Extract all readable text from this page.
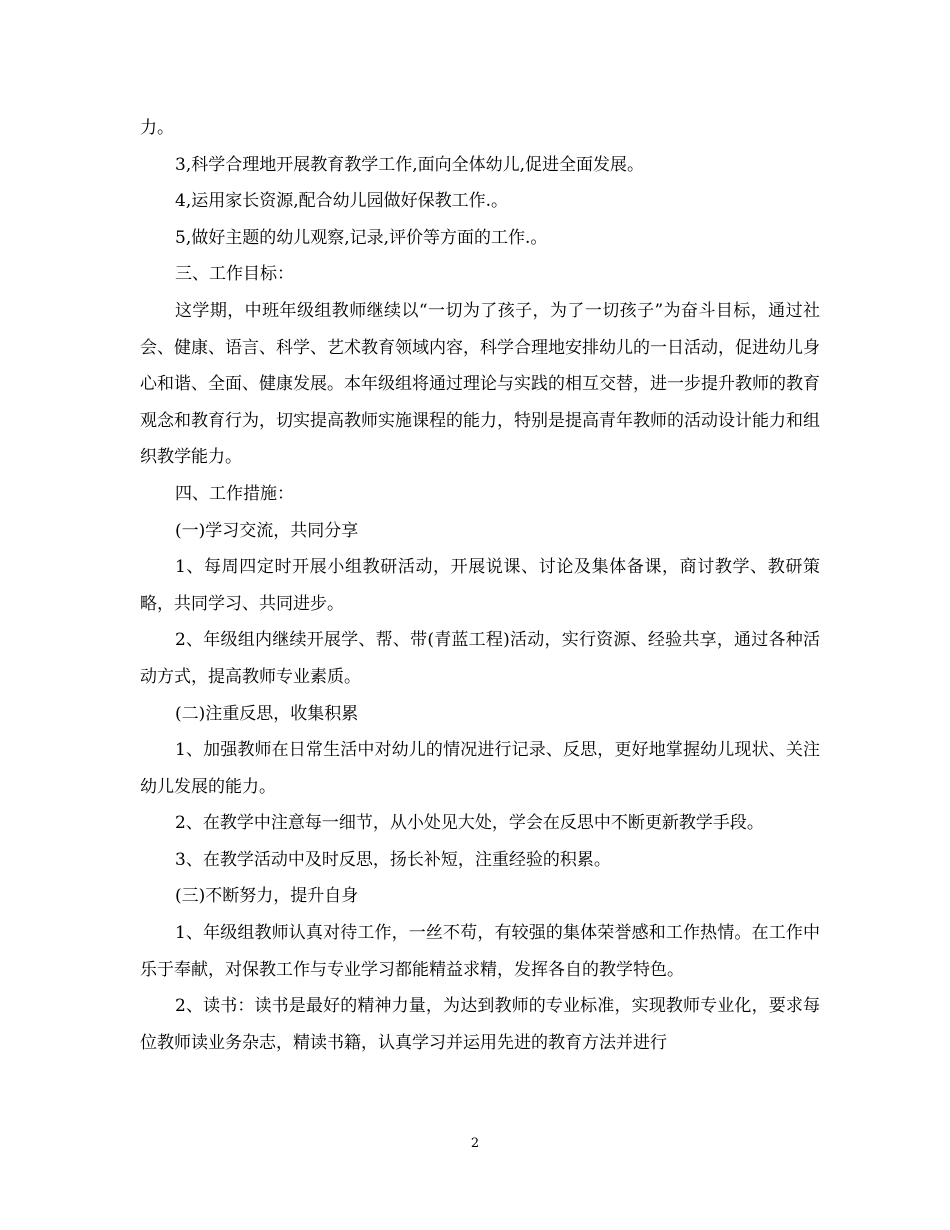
力。

3,科学合理地开展教育教学工作,面向全体幼儿,促进全面发展。

4,运用家长资源,配合幼儿园做好保教工作.。

5,做好主题的幼儿观察,记录,评价等方面的工作.。

三、工作目标：

这学期，中班年级组教师继续以“一切为了孩子，为了一切孩子”为奋斗目标，通过社会、健康、语言、科学、艺术教育领域内容，科学合理地安排幼儿的一日活动，促进幼儿身心和谐、全面、健康发展。本年级组将通过理论与实践的相互交替，进一步提升教师的教育观念和教育行为，切实提高教师实施课程的能力，特别是提高青年教师的活动设计能力和组织教学能力。

四、工作措施：

(一)学习交流，共同分享

1、每周四定时开展小组教研活动，开展说课、讨论及集体备课，商讨教学、教研策略，共同学习、共同进步。

2、年级组内继续开展学、帮、带(青蓝工程)活动，实行资源、经验共享，通过各种活动方式，提高教师专业素质。

(二)注重反思，收集积累

1、加强教师在日常生活中对幼儿的情况进行记录、反思，更好地掌握幼儿现状、关注幼儿发展的能力。

2、在教学中注意每一细节，从小处见大处，学会在反思中不断更新教学手段。

3、在教学活动中及时反思，扬长补短，注重经验的积累。

(三)不断努力，提升自身

1、年级组教师认真对待工作，一丝不苟，有较强的集体荣誉感和工作热情。在工作中乐于奉献，对保教工作与专业学习都能精益求精，发挥各自的教学特色。

2、读书：读书是最好的精神力量，为达到教师的专业标准，实现教师专业化，要求每位教师读业务杂志，精读书籍，认真学习并运用先进的教育方法并进行

2
